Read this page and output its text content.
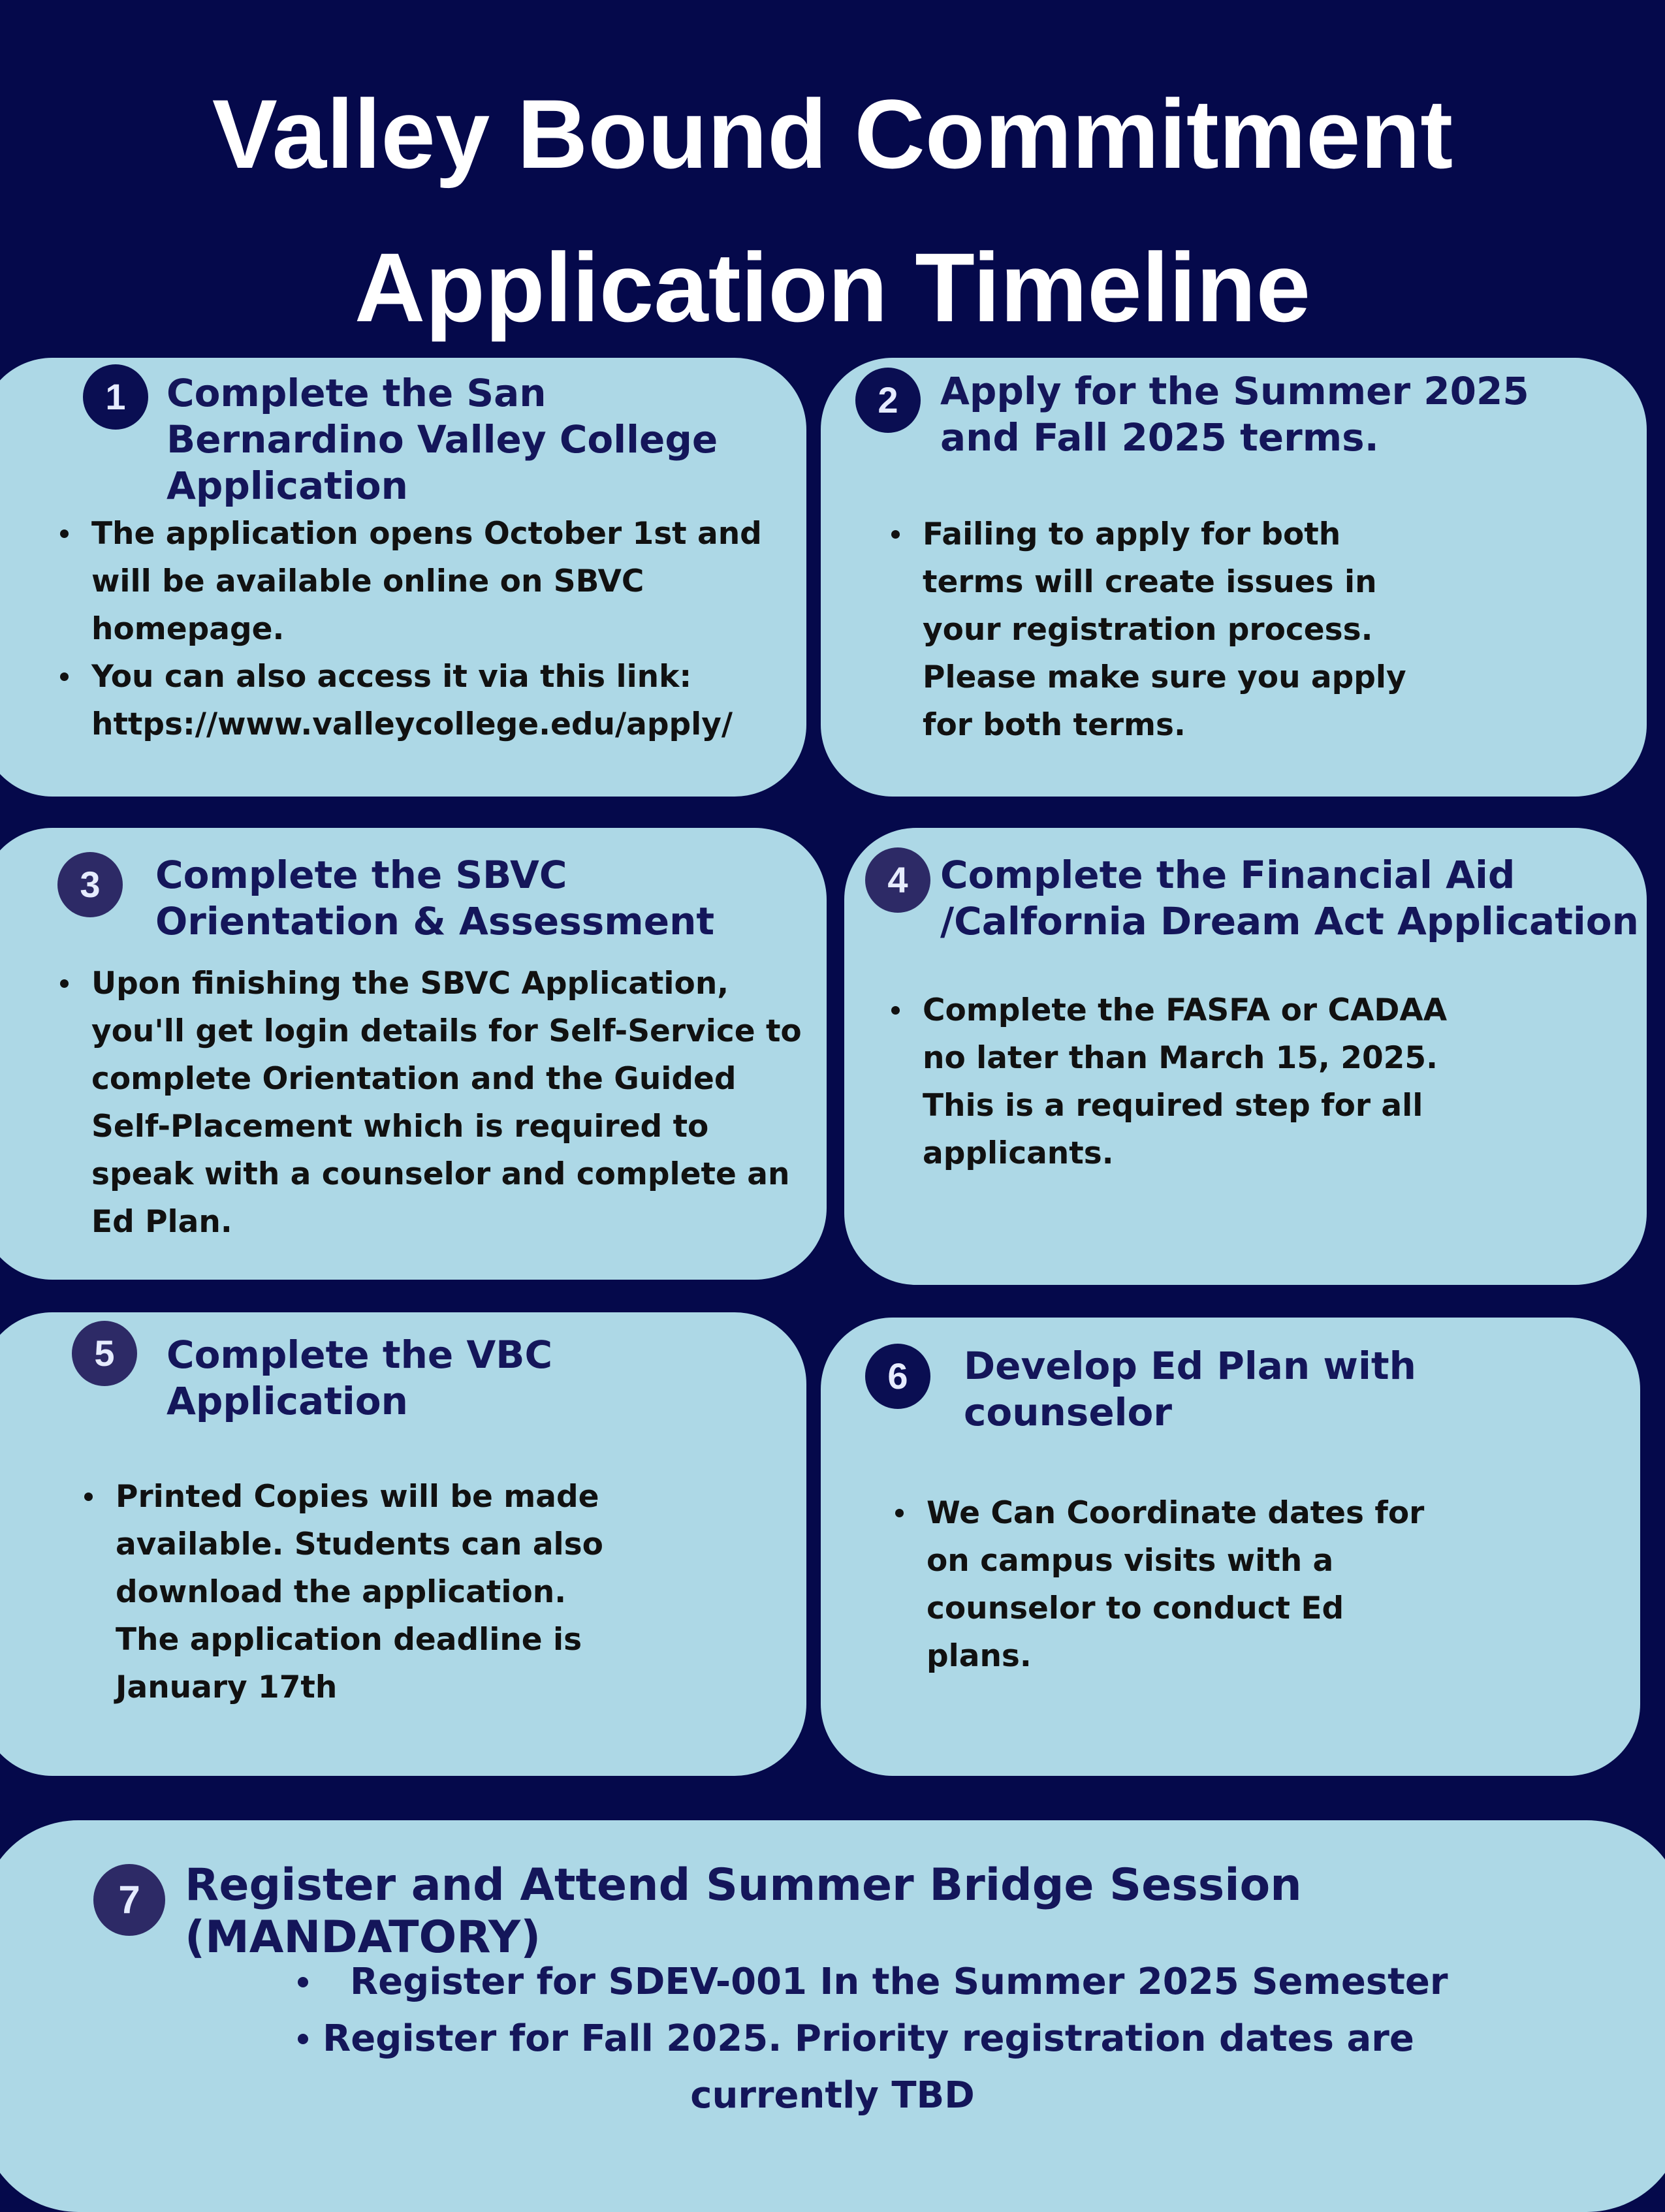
Valley Bound Commitment
Application Timeline
1	Complete the San
Bernardino Valley College
Application
The application opens October 1st and
will be available online on SBVC
homepage.
You can also access it via this link:
https://www.valleycollege.edu/apply/
2	Apply for the Summer 2025
and Fall 2025 terms.
Failing to apply for both
terms will create issues in
your registration process.
Please make sure you apply
for both terms.
3	Complete the SBVC
Orientation & Assessment
Upon finishing the SBVC Application,
you'll get login details for Self-Service to
complete Orientation and the Guided
Self-Placement which is required to
speak with a counselor and complete an
Ed Plan.
4 Complete the Financial Aid
/Calfornia Dream Act Application
Complete the FASFA or CADAA
no later than March 15, 2025.
This is a required step for all
applicants.
5	Complete the VBC
Application
Printed Copies will be made
available. Students can also
download the application.
The application deadline is
January 17th
6	Develop Ed Plan with
counselor
We Can Coordinate dates for
on campus visits with a
counselor to conduct Ed
plans.
7	Register and Attend Summer Bridge Session (MANDATORY)
Register for SDEV-001 In the Summer 2025 Semester
Register for Fall 2025. Priority registration dates are
currently TBD
